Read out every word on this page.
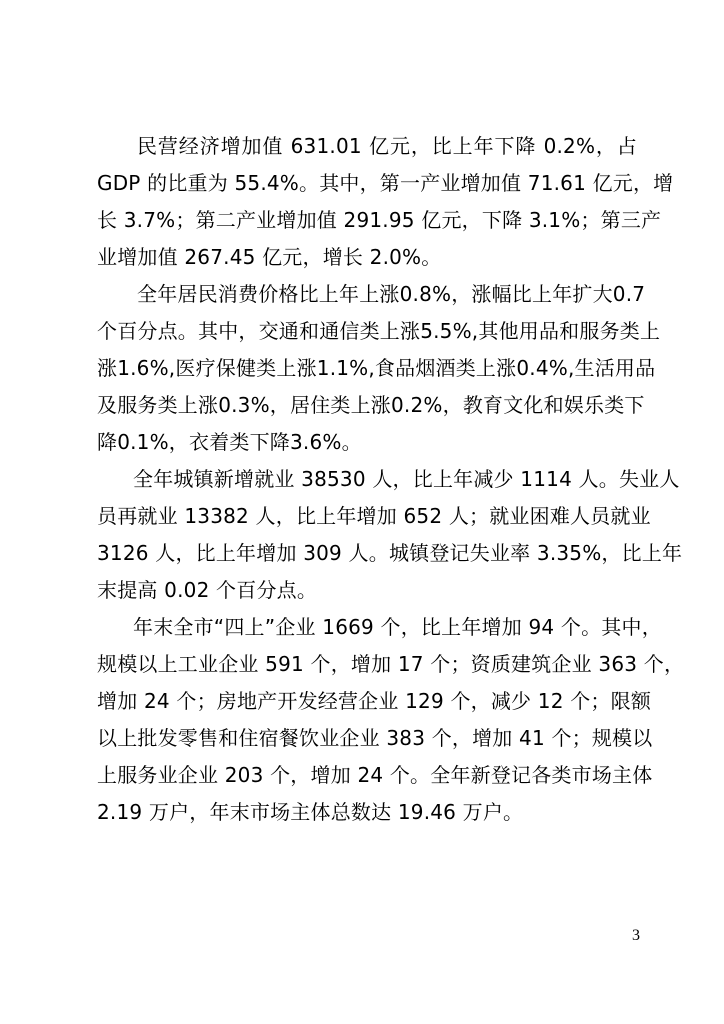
民营经济增加值 631.01 亿元，比上年下降 0.2%，占
GDP 的比重为 55.4%。其中，第一产业增加值 71.61 亿元，增
长 3.7%；第二产业增加值 291.95 亿元，下降 3.1%；第三产
业增加值 267.45 亿元，增长 2.0%。
全年居民消费价格比上年上涨0.8%，涨幅比上年扩大0.7
个百分点。其中，交通和通信类上涨5.5%,其他用品和服务类上
涨1.6%,医疗保健类上涨1.1%,食品烟酒类上涨0.4%,生活用品
及服务类上涨0.3%，居住类上涨0.2%，教育文化和娱乐类下
降0.1%，衣着类下降3.6%。
全年城镇新增就业 38530 人，比上年减少 1114 人。失业人
员再就业 13382 人，比上年增加 652 人；就业困难人员就业
3126 人，比上年增加 309 人。城镇登记失业率 3.35%，比上年
末提高 0.02 个百分点。
年末全市“四上”企业 1669 个，比上年增加 94 个。其中，
规模以上工业企业 591 个，增加 17 个；资质建筑企业 363 个，
增加 24 个；房地产开发经营企业 129 个，减少 12 个；限额
以上批发零售和住宿餐饮业企业 383 个，增加 41 个；规模以
上服务业企业 203 个，增加 24 个。全年新登记各类市场主体
2.19 万户，年末市场主体总数达 19.46 万户。
3
